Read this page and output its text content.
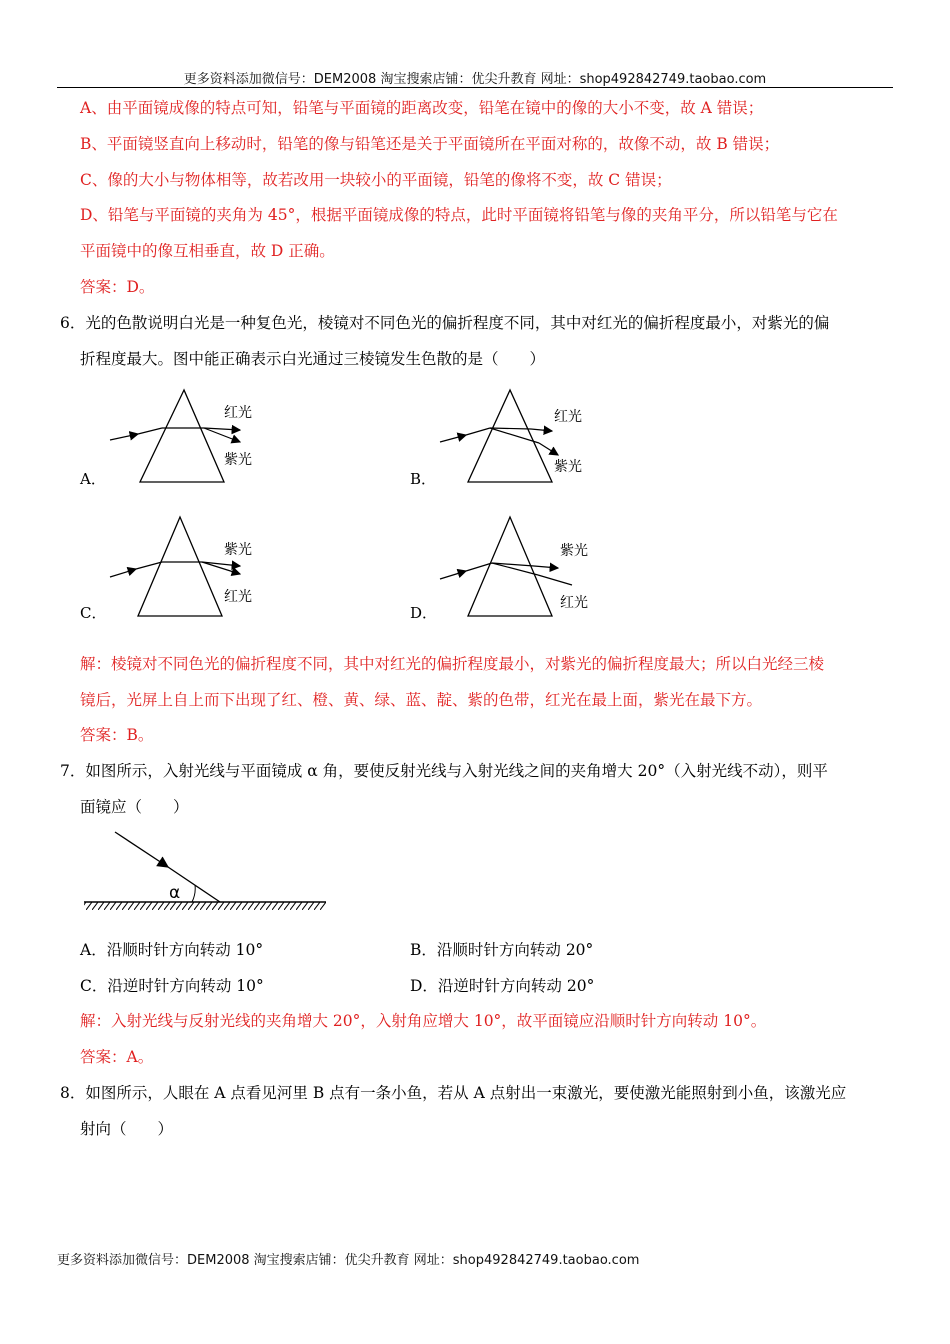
更多资料添加微信号：DEM2008 淘宝搜索店铺：优尖升教育 网址：shop492842749.taobao.com
A、由平面镜成像的特点可知，铅笔与平面镜的距离改变，铅笔在镜中的像的大小不变，故 A 错误；
B、平面镜竖直向上移动时，铅笔的像与铅笔还是关于平面镜所在平面对称的，故像不动，故 B 错误；
C、像的大小与物体相等，故若改用一块较小的平面镜，铅笔的像将不变，故 C 错误；
D、铅笔与平面镜的夹角为 45°，根据平面镜成像的特点，此时平面镜将铅笔与像的夹角平分，所以铅笔与它在
平面镜中的像互相垂直，故 D 正确。
答案：D。
6．光的色散说明白光是一种复色光，棱镜对不同色光的偏折程度不同，其中对红光的偏折程度最小，对紫光的偏
折程度最大。图中能正确表示白光通过三棱镜发生色散的是（　　）
红光
紫光
A．
红光
紫光
B．
紫光
红光
C．
紫光
红光
D．
解：棱镜对不同色光的偏折程度不同，其中对红光的偏折程度最小，对紫光的偏折程度最大；所以白光经三棱
镜后，光屏上自上而下出现了红、橙、黄、绿、蓝、靛、紫的色带，红光在最上面，紫光在最下方。
答案：B。
7．如图所示，入射光线与平面镜成 α 角，要使反射光线与入射光线之间的夹角增大 20°（入射光线不动），则平
面镜应（　　）
α
A．沿顺时针方向转动 10°	B．沿顺时针方向转动 20°
C．沿逆时针方向转动 10°	D．沿逆时针方向转动 20°
解：入射光线与反射光线的夹角增大 20°，入射角应增大 10°，故平面镜应沿顺时针方向转动 10°。
答案：A。
8．如图所示，人眼在 A 点看见河里 B 点有一条小鱼，若从 A 点射出一束激光，要使激光能照射到小鱼，该激光应
射向（　　）
更多资料添加微信号：DEM2008 淘宝搜索店铺：优尖升教育 网址：shop492842749.taobao.com
